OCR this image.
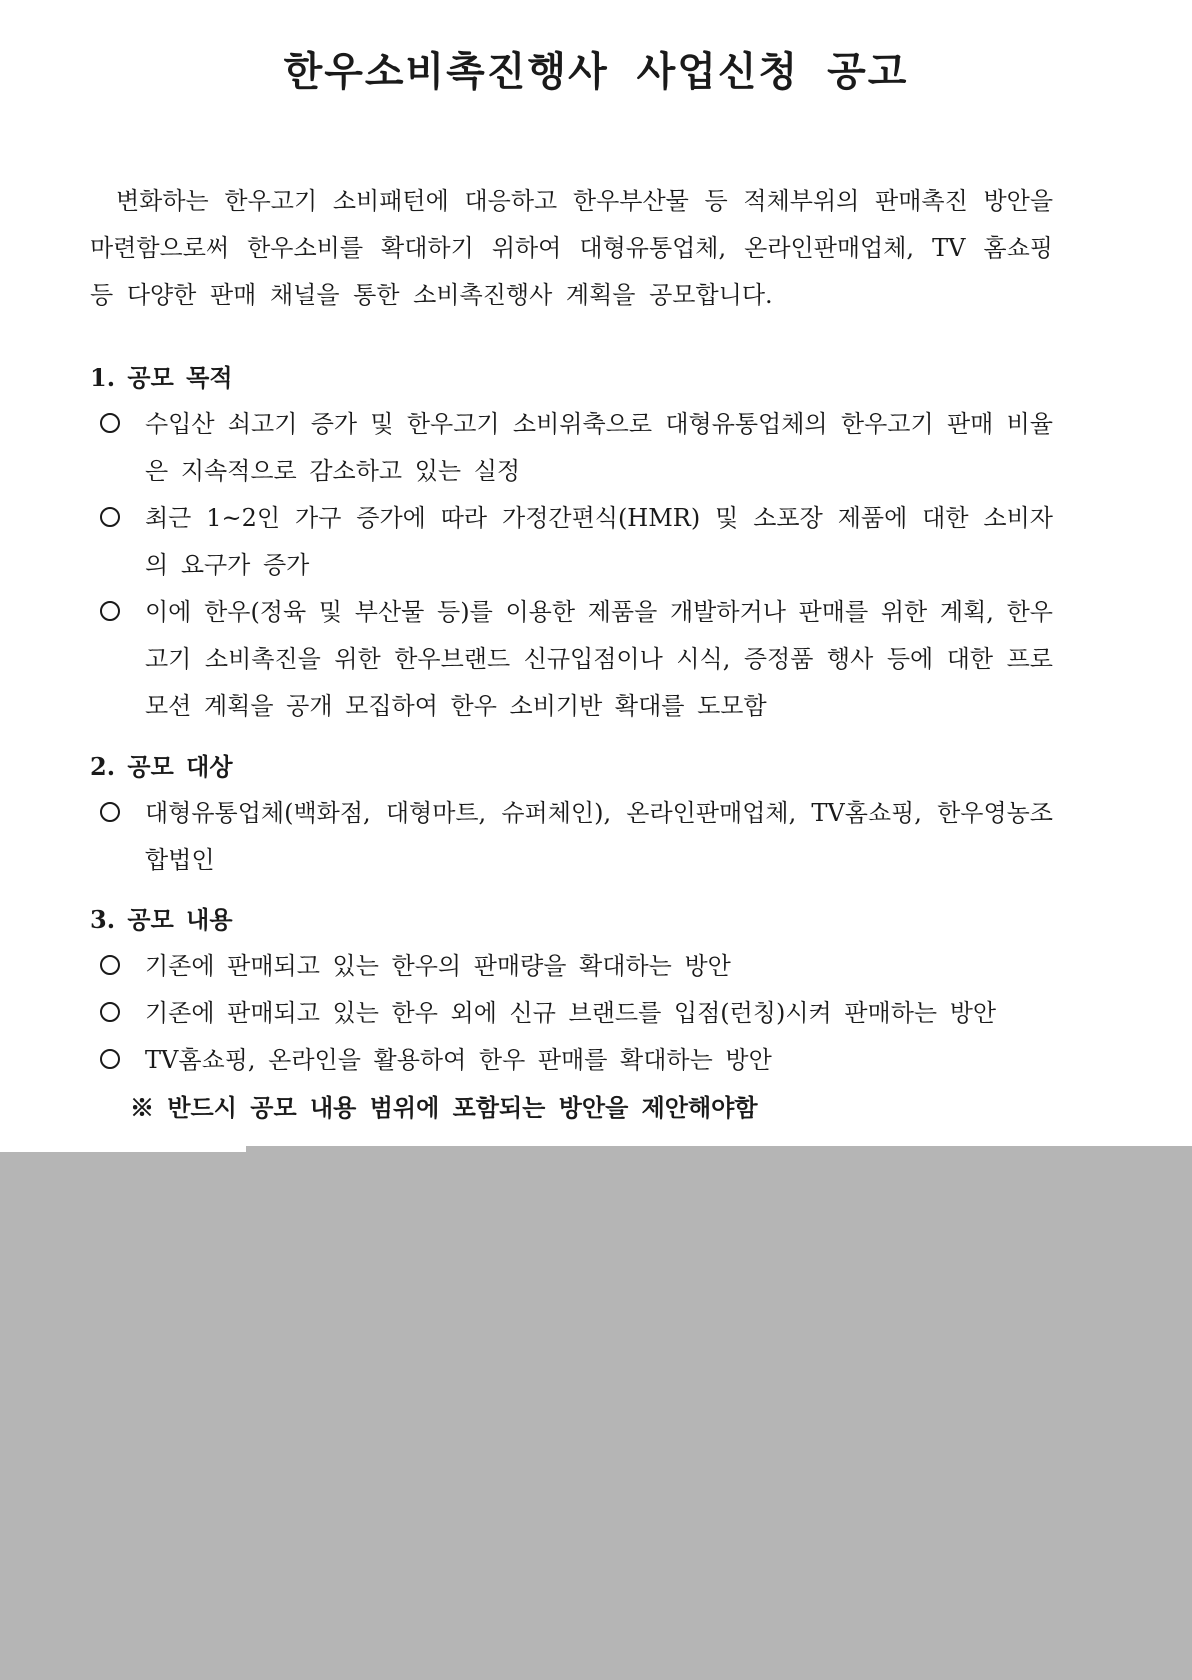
한우소비촉진행사 사업신청 공고

변화하는 한우고기 소비패턴에 대응하고 한우부산물 등 적체부위의 판매촉진 방안을 마련함으로써 한우소비를 확대하기 위하여 대형유통업체, 온라인판매업체, TV 홈쇼핑 등 다양한 판매 채널을 통한 소비촉진행사 계획을 공모합니다.

1. 공모 목적

수입산 쇠고기 증가 및 한우고기 소비위축으로 대형유통업체의 한우고기 판매 비율은 지속적으로 감소하고 있는 실정
최근 1~2인 가구 증가에 따라 가정간편식(HMR) 및 소포장 제품에 대한 소비자의 요구가 증가
이에 한우(정육 및 부산물 등)를 이용한 제품을 개발하거나 판매를 위한 계획, 한우고기 소비촉진을 위한 한우브랜드 신규입점이나 시식, 증정품 행사 등에 대한 프로모션 계획을 공개 모집하여 한우 소비기반 확대를 도모함

2. 공모 대상

대형유통업체(백화점, 대형마트, 슈퍼체인), 온라인판매업체, TV홈쇼핑, 한우영농조합법인

3. 공모 내용

기존에 판매되고 있는 한우의 판매량을 확대하는 방안
기존에 판매되고 있는 한우 외에 신규 브랜드를 입점(런칭)시켜 판매하는 방안
TV홈쇼핑, 온라인을 활용하여 한우 판매를 확대하는 방안
※ 반드시 공모 내용 범위에 포함되는 방안을 제안해야함
